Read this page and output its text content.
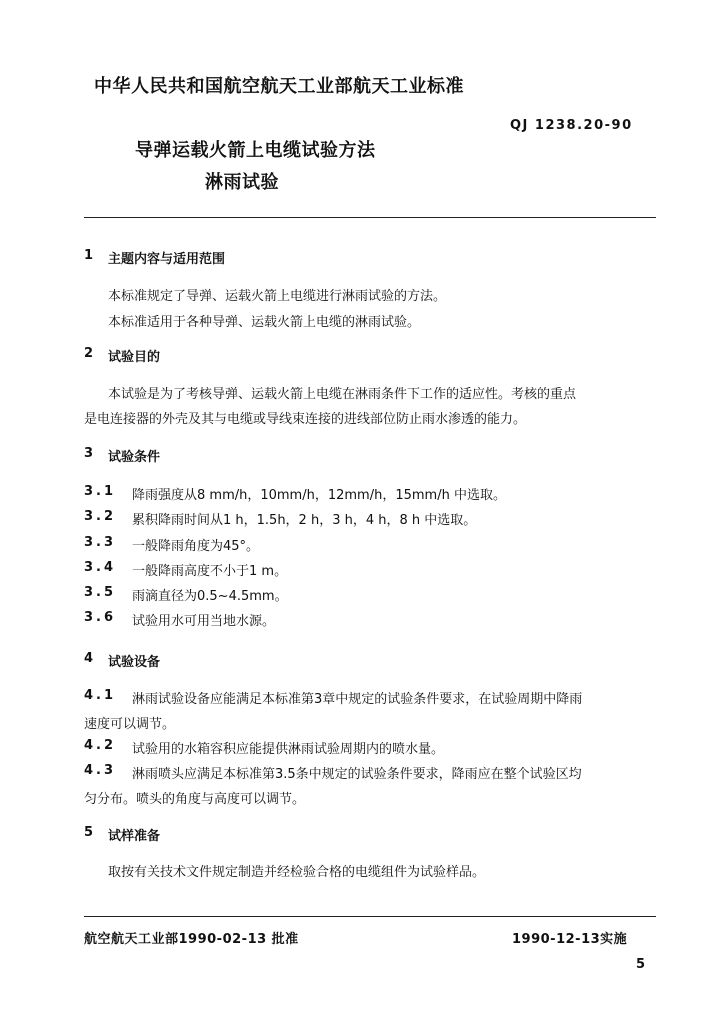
中华人民共和国航空航天工业部航天工业标准
QJ 1238.20-90
导弹运载火箭上电缆试验方法
淋雨试验
1 主题内容与适用范围
本标准规定了导弹、运载火箭上电缆进行淋雨试验的方法。
本标准适用于各种导弹、运载火箭上电缆的淋雨试验。
2 试验目的
本试验是为了考核导弹、运载火箭上电缆在淋雨条件下工作的适应性。考核的重点
是电连接器的外壳及其与电缆或导线束连接的进线部位防止雨水渗透的能力。
3 试验条件
3.1 降雨强度从8 mm/h，10mm/h，12mm/h，15mm/h 中选取。
3.2 累积降雨时间从1 h，1.5h，2 h，3 h，4 h，8 h 中选取。
3.3 一般降雨角度为45°。
3.4 一般降雨高度不小于1 m。
3.5 雨滴直径为0.5~4.5mm。
3.6 试验用水可用当地水源。
4 试验设备
4.1 淋雨试验设备应能满足本标准第3章中规定的试验条件要求，在试验周期中降雨
速度可以调节。
4.2 试验用的水箱容积应能提供淋雨试验周期内的喷水量。
4.3 淋雨喷头应满足本标准第3.5条中规定的试验条件要求，降雨应在整个试验区均
匀分布。喷头的角度与高度可以调节。
5 试样准备
取按有关技术文件规定制造并经检验合格的电缆组件为试验样品。
航空航天工业部1990-02-13 批准	1990-12-13实施
5
